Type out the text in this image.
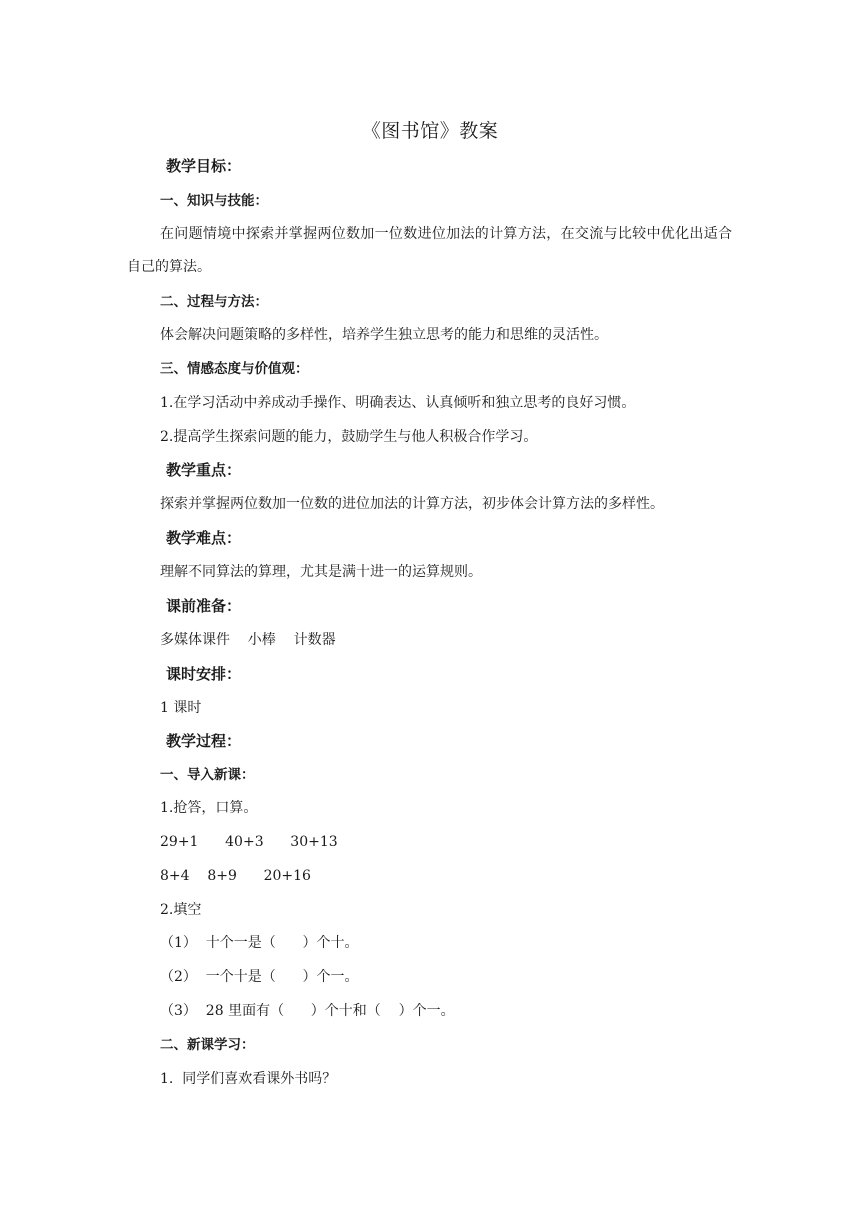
《图书馆》教案
教学目标：
一、知识与技能：
在问题情境中探索并掌握两位数加一位数进位加法的计算方法，在交流与比较中优化出适合自己的算法。
二、过程与方法：
体会解决问题策略的多样性，培养学生独立思考的能力和思维的灵活性。
三、情感态度与价值观：
1.在学习活动中养成动手操作、明确表达、认真倾听和独立思考的良好习惯。
2.提高学生探索问题的能力，鼓励学生与他人积极合作学习。
教学重点：
探索并掌握两位数加一位数的进位加法的计算方法，初步体会计算方法的多样性。
教学难点：
理解不同算法的算理，尤其是满十进一的运算规则。
课前准备：
多媒体课件    小棒    计数器
课时安排：
1 课时
教学过程：
一、导入新课：
1.抢答，口算。
29+1      40+3      30+13
8+4    8+9      20+16
2.填空
（1）  十个一是（      ）个十。
（2）  一个十是（      ）个一。
（3）  28 里面有（      ）个十和（    ）个一。
二、新课学习：
1.  同学们喜欢看课外书吗？
